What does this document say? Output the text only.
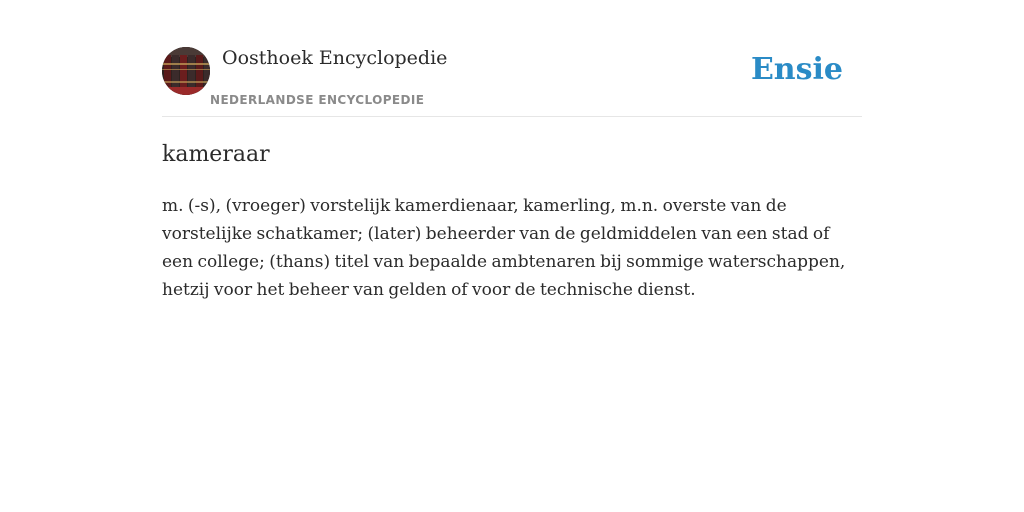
Oosthoek Encyclopedie
NEDERLANDSE ENCYCLOPEDIE
Ensie
kameraar

m. (-s), (vroeger) vorstelijk kamerdienaar, kamerling, m.n. overste van de vorstelijke schatkamer; (later) beheerder van de geldmiddelen van een stad of een college; (thans) titel van bepaalde ambtenaren bij sommige waterschappen, hetzij voor het beheer van gelden of voor de technische dienst.
